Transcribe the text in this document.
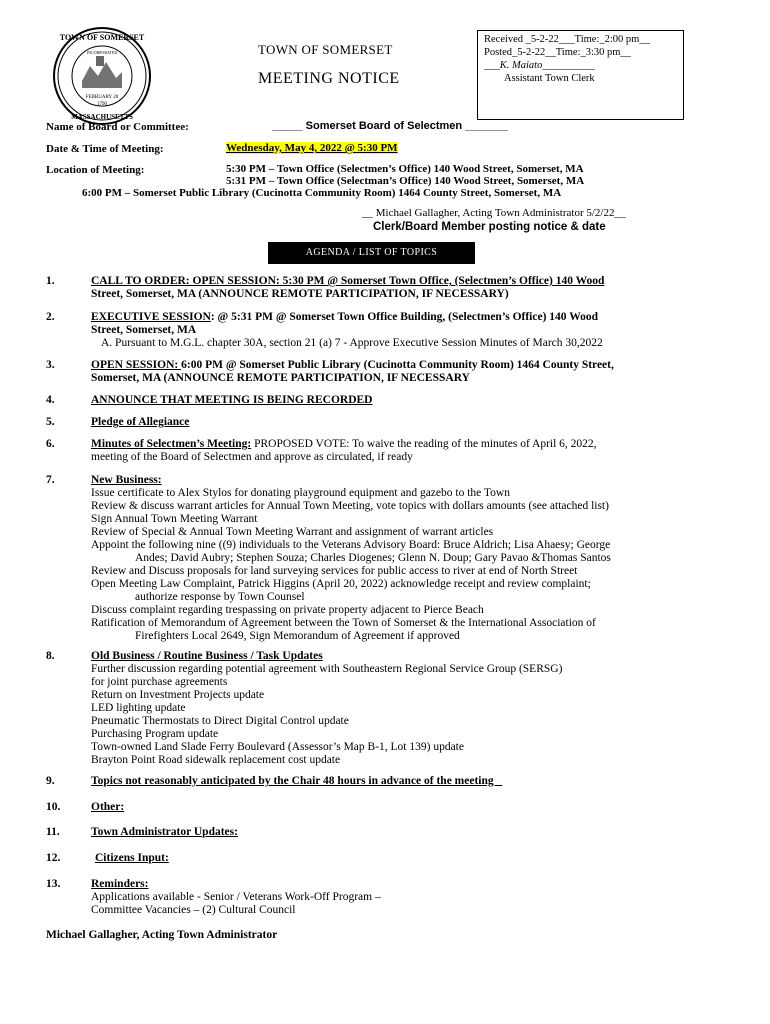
TOWN OF SOMERSET
MASSACHUSETTS
INCORPORATED
FEBRUARY 20
1790
TOWN OF SOMERSET
MEETING NOTICE
Received _5-2-22___Time:_2:00 pm__
Posted_5-2-22__Time:_3:30 pm__
___K. Maiato__________
Assistant Town Clerk
Name of Board or Committee:	_____ Somerset Board of Selectmen _______
Date & Time of Meeting:	Wednesday, May 4, 2022 @ 5:30 PM
Location of Meeting:	5:30 PM – Town Office (Selectmen’s Office) 140 Wood Street, Somerset, MA
5:31 PM – Town Office (Selectman’s Office) 140 Wood Street, Somerset, MA
6:00 PM – Somerset Public Library (Cucinotta Community Room) 1464 County Street, Somerset, MA
__ Michael Gallagher, Acting Town Administrator 5/2/22__
Clerk/Board Member posting notice & date
AGENDA / LIST OF TOPICS
1.	CALL TO ORDER: OPEN SESSION: 5:30 PM @ Somerset Town Office, (Selectmen’s Office) 140 Wood
Street, Somerset, MA (ANNOUNCE REMOTE PARTICIPATION, IF NECESSARY)
2.	EXECUTIVE SESSION: @ 5:31 PM @ Somerset Town Office Building, (Selectmen’s Office) 140 Wood
Street, Somerset, MA
A. Pursuant to M.G.L. chapter 30A, section 21 (a) 7 - Approve Executive Session Minutes of March 30,2022
3.	OPEN SESSION: 6:00 PM @ Somerset Public Library (Cucinotta Community Room) 1464 County Street,
Somerset, MA (ANNOUNCE REMOTE PARTICIPATION, IF NECESSARY
4.	ANNOUNCE THAT MEETING IS BEING RECORDED
5.	Pledge of Allegiance
6.	Minutes of Selectmen’s Meeting: PROPOSED VOTE: To waive the reading of the minutes of April 6, 2022,
meeting of the Board of Selectmen and approve as circulated, if ready
7.	New Business:
Issue certificate to Alex Stylos for donating playground equipment and gazebo to the Town
Review & discuss warrant articles for Annual Town Meeting, vote topics with dollars amounts (see attached list)
Sign Annual Town Meeting Warrant
Review of Special & Annual Town Meeting Warrant and assignment of warrant articles
Appoint the following nine ((9) individuals to the Veterans Advisory Board: Bruce Aldrich; Lisa Ahaesy; George
Andes; David Aubry; Stephen Souza; Charles Diogenes; Glenn N. Doup; Gary Pavao &Thomas Santos
Review and Discuss proposals for land surveying services for public access to river at end of North Street
Open Meeting Law Complaint, Patrick Higgins (April 20, 2022) acknowledge receipt and review complaint;
authorize response by Town Counsel
Discuss complaint regarding trespassing on private property adjacent to Pierce Beach
Ratification of Memorandum of Agreement between the Town of Somerset & the International Association of
Firefighters Local 2649, Sign Memorandum of Agreement if approved
8.	Old Business / Routine Business / Task Updates
Further discussion regarding potential agreement with Southeastern Regional Service Group (SERSG)
for joint purchase agreements
Return on Investment Projects update
LED lighting update
Pneumatic Thermostats to Direct Digital Control update
Purchasing Program update
Town-owned Land Slade Ferry Boulevard (Assessor’s Map B-1, Lot 139) update
Brayton Point Road sidewalk replacement cost update
9.	Topics not reasonably anticipated by the Chair 48 hours in advance of the meeting
10.	Other:
11.	Town Administrator Updates:
12.	Citizens Input:
13.	Reminders:
Applications available - Senior / Veterans Work-Off Program –
Committee Vacancies – (2) Cultural Council
Michael Gallagher, Acting Town Administrator
